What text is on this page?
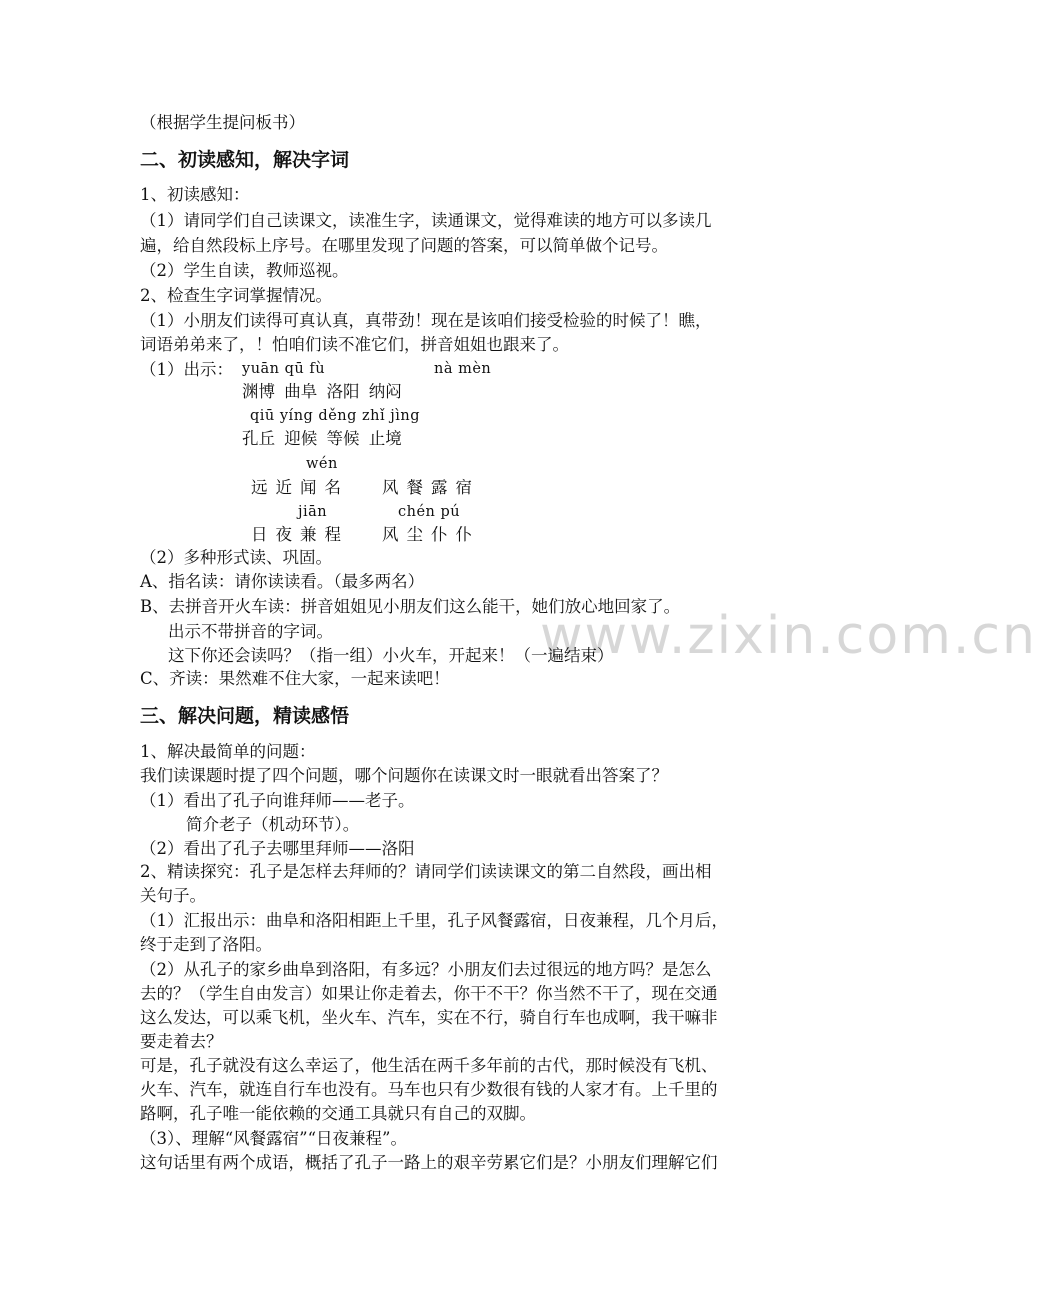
www.zixin.com.cn
（根据学生提问板书）
二、初读感知，解决字词
1、初读感知：
（1）请同学们自己读课文，读准生字，读通课文，觉得难读的地方可以多读几
遍，给自然段标上序号。在哪里发现了问题的答案，可以简单做个记号。
（2）学生自读，教师巡视。
2、检查生字词掌握情况。
（1）小朋友们读得可真认真，真带劲！现在是该咱们接受检验的时候了！瞧，
词语弟弟来了，！怕咱们读不准它们，拼音姐姐也跟来了。
（1）出示： yuān qū fù	nà mèn
渊博 曲阜 洛阳 纳闷
qiū yíng děng zhǐ jìng
孔丘 迎候 等候 止境
wén
远近闻名 风餐露宿
jiān	chén pú
日夜兼程 风尘仆仆
（2）多种形式读、巩固。
A、指名读：请你读读看。（最多两名）
B、去拼音开火车读：拼音姐姐见小朋友们这么能干，她们放心地回家了。
出示不带拼音的字词。
这下你还会读吗？（指一组）小火车，开起来！（一遍结束）
C、齐读：果然难不住大家，一起来读吧！
三、解决问题，精读感悟
1、解决最简单的问题：
我们读课题时提了四个问题，哪个问题你在读课文时一眼就看出答案了？
（1）看出了孔子向谁拜师——老子。
简介老子（机动环节）。
（2）看出了孔子去哪里拜师——洛阳
2、精读探究：孔子是怎样去拜师的？请同学们读读课文的第二自然段，画出相
关句子。
（1）汇报出示：曲阜和洛阳相距上千里，孔子风餐露宿，日夜兼程，几个月后，
终于走到了洛阳。
（2）从孔子的家乡曲阜到洛阳，有多远？小朋友们去过很远的地方吗？是怎么
去的？（学生自由发言）如果让你走着去，你干不干？你当然不干了，现在交通
这么发达，可以乘飞机，坐火车、汽车，实在不行，骑自行车也成啊，我干嘛非
要走着去？
可是，孔子就没有这么幸运了，他生活在两千多年前的古代，那时候没有飞机、
火车、汽车，就连自行车也没有。马车也只有少数很有钱的人家才有。上千里的
路啊，孔子唯一能依赖的交通工具就只有自己的双脚。
（3）、理解“风餐露宿”“日夜兼程”。
这句话里有两个成语，概括了孔子一路上的艰辛劳累它们是？小朋友们理解它们
